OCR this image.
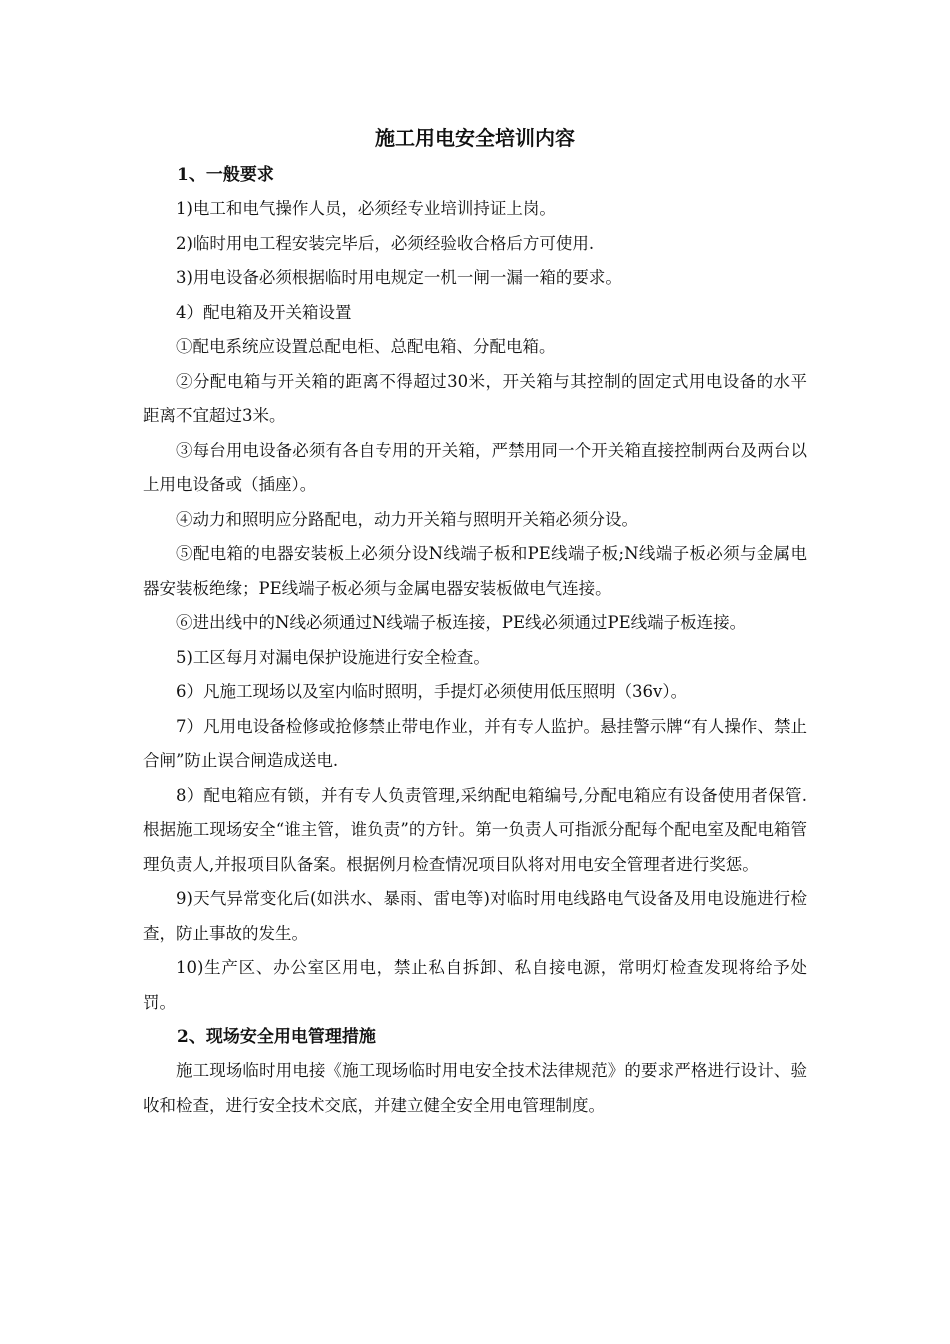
施工用电安全培训内容

1、一般要求

1)电工和电气操作人员，必须经专业培训持证上岗。

2)临时用电工程安装完毕后，必须经验收合格后方可使用.

3)用电设备必须根据临时用电规定一机一闸一漏一箱的要求。

4）配电箱及开关箱设置

①配电系统应设置总配电柜、总配电箱、分配电箱。

②分配电箱与开关箱的距离不得超过30米，开关箱与其控制的固定式用电设备的水平距离不宜超过3米。

③每台用电设备必须有各自专用的开关箱，严禁用同一个开关箱直接控制两台及两台以上用电设备或（插座）。

④动力和照明应分路配电，动力开关箱与照明开关箱必须分设。

⑤配电箱的电器安装板上必须分设N线端子板和PE线端子板;N线端子板必须与金属电器安装板绝缘；PE线端子板必须与金属电器安装板做电气连接。

⑥进出线中的N线必须通过N线端子板连接，PE线必须通过PE线端子板连接。

5)工区每月对漏电保护设施进行安全检查。

6）凡施工现场以及室内临时照明，手提灯必须使用低压照明（36v）。

7）凡用电设备检修或抢修禁止带电作业，并有专人监护。悬挂警示牌“有人操作、禁止合闸”防止误合闸造成送电.

8）配电箱应有锁，并有专人负责管理,采纳配电箱编号,分配电箱应有设备使用者保管.根据施工现场安全“谁主管，谁负责”的方针。第一负责人可指派分配每个配电室及配电箱管理负责人,并报项目队备案。根据例月检查情况项目队将对用电安全管理者进行奖惩。

9)天气异常变化后(如洪水、暴雨、雷电等)对临时用电线路电气设备及用电设施进行检查，防止事故的发生。

10)生产区、办公室区用电，禁止私自拆卸、私自接电源，常明灯检查发现将给予处罚。

2、现场安全用电管理措施

施工现场临时用电接《施工现场临时用电安全技术法律规范》的要求严格进行设计、验收和检查，进行安全技术交底，并建立健全安全用电管理制度。
